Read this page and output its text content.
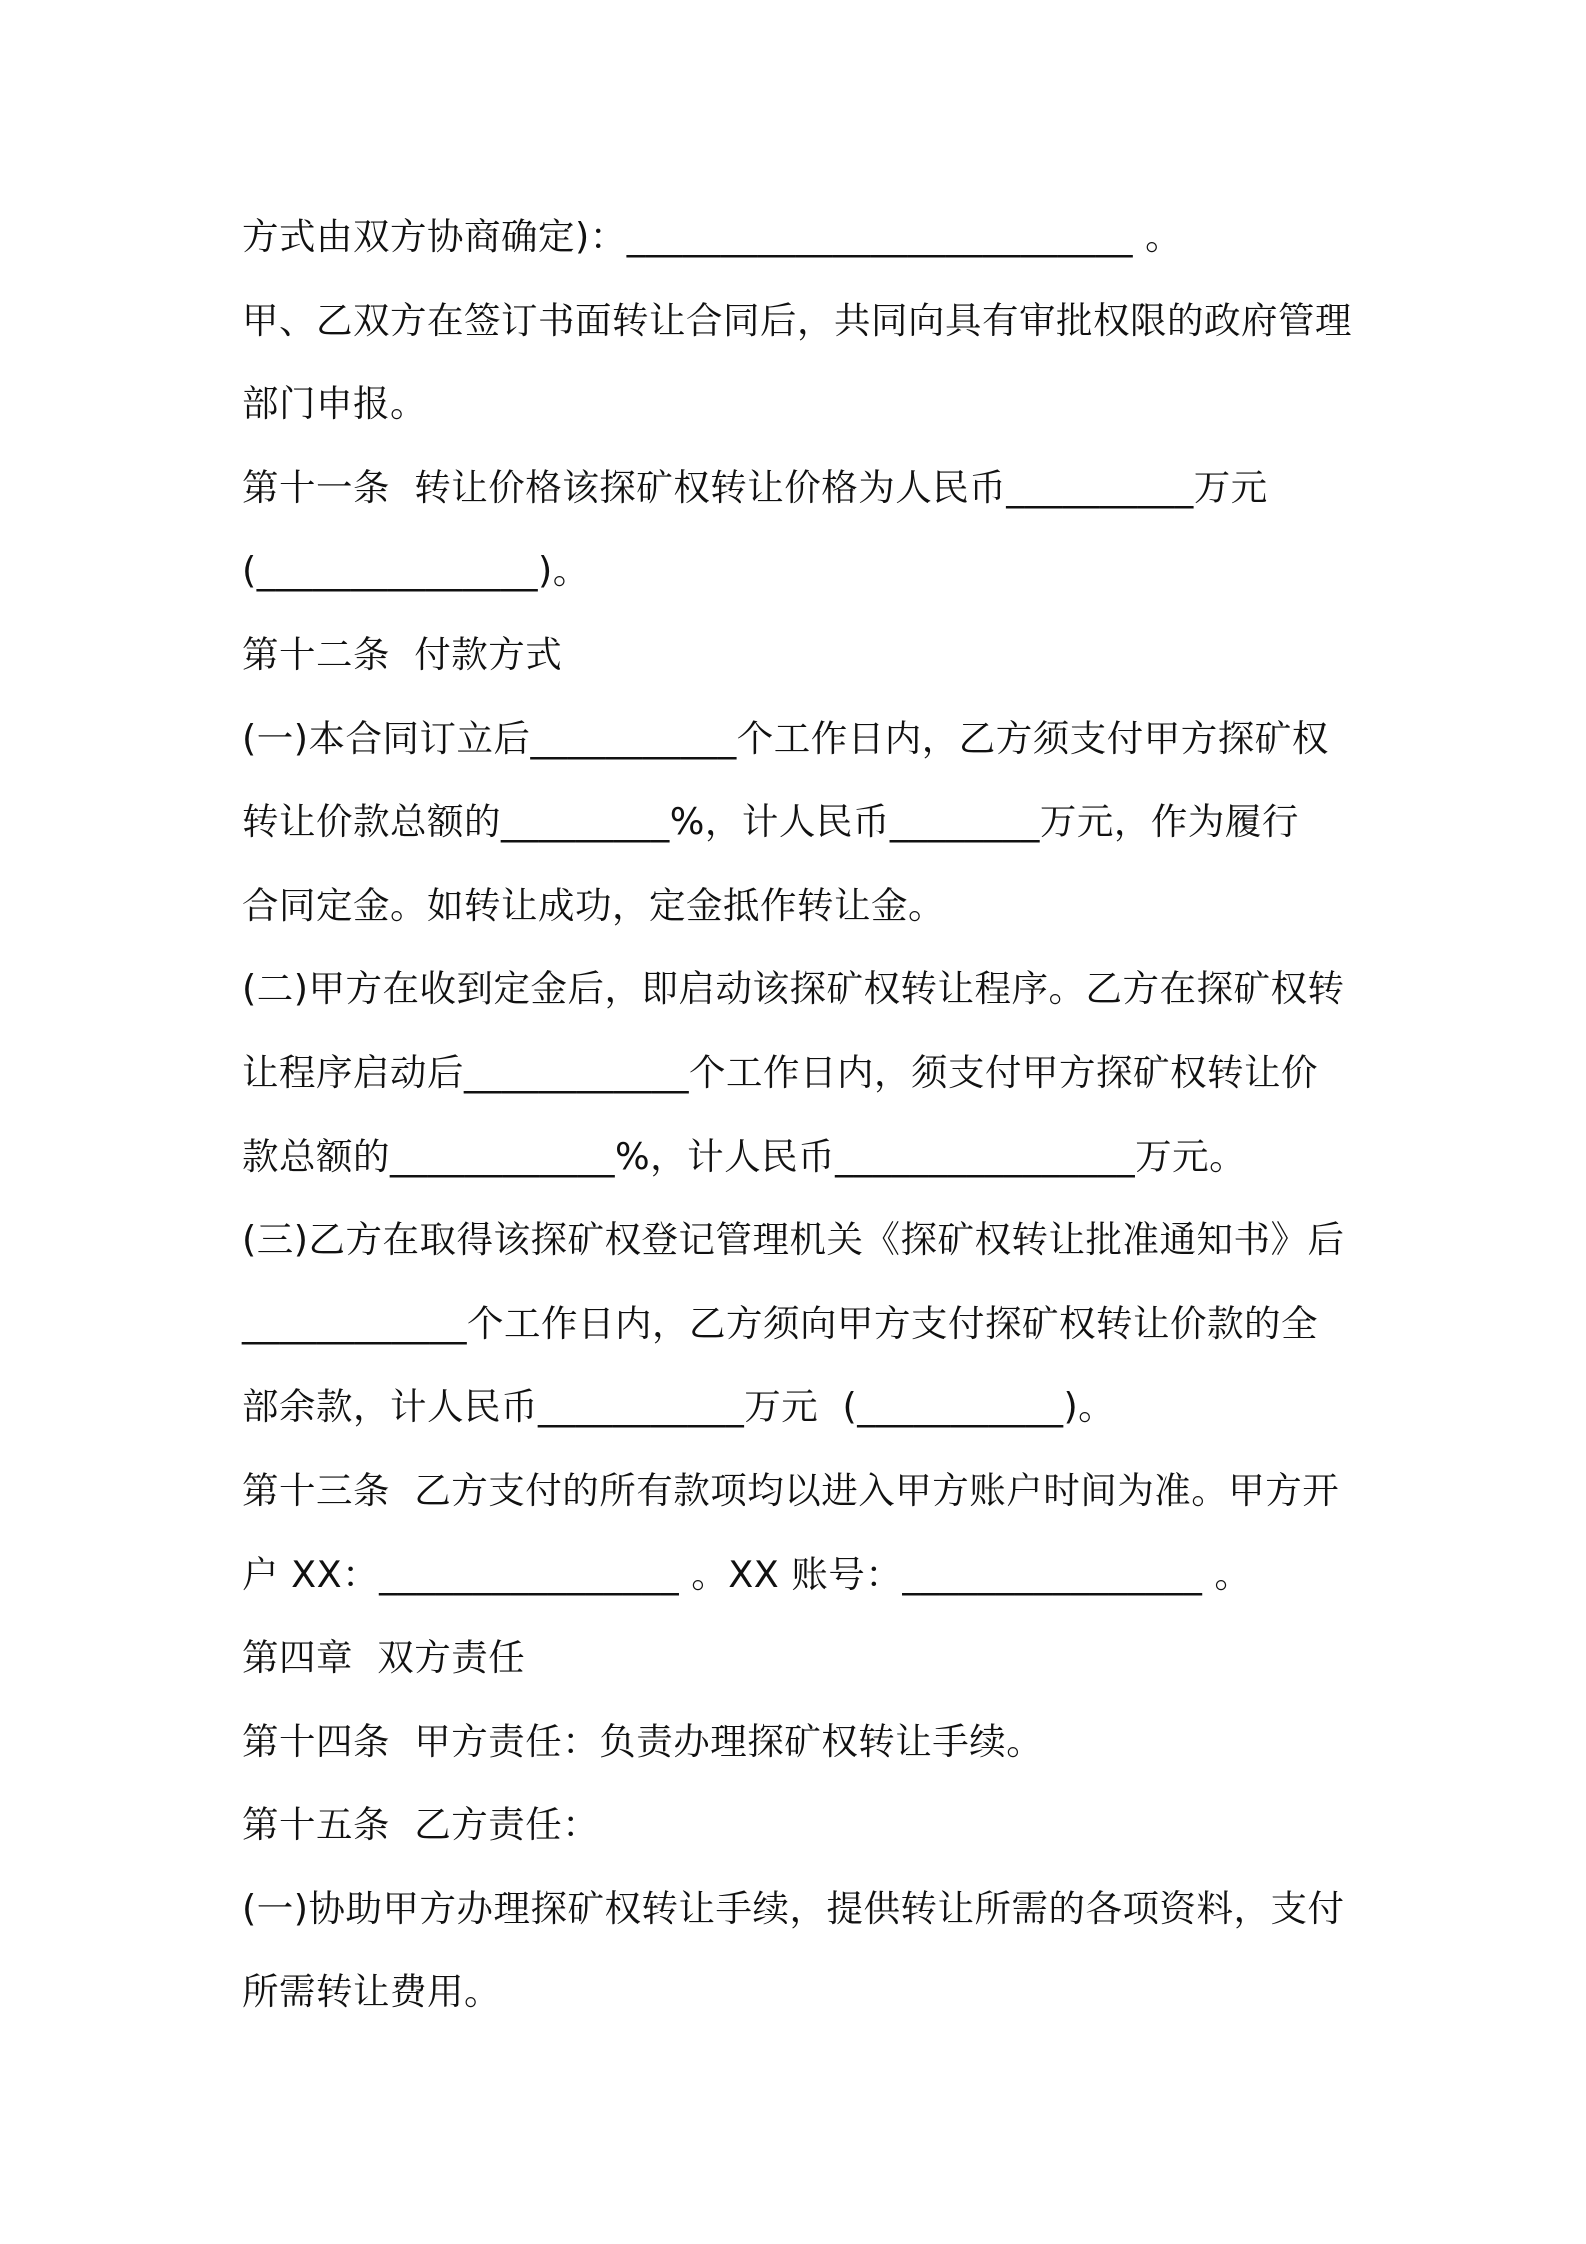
方式由双方协商确定)：___________________________ 。
甲、乙双方在签订书面转让合同后，共同向具有审批权限的政府管理
部门申报。
第十一条  转让价格该探矿权转让价格为人民币__________万元
(_______________)。
第十二条  付款方式
(一)本合同订立后___________个工作日内，乙方须支付甲方探矿权
转让价款总额的_________%，计人民币________万元，作为履行
合同定金。如转让成功，定金抵作转让金。
(二)甲方在收到定金后，即启动该探矿权转让程序。乙方在探矿权转
让程序启动后____________个工作日内，须支付甲方探矿权转让价
款总额的____________%，计人民币________________万元。
(三)乙方在取得该探矿权登记管理机关《探矿权转让批准通知书》后
____________个工作日内，乙方须向甲方支付探矿权转让价款的全
部余款，计人民币___________万元  (___________)。
第十三条  乙方支付的所有款项均以进入甲方账户时间为准。甲方开
户 XX：________________ 。XX 账号：________________ 。
第四章  双方责任
第十四条  甲方责任：负责办理探矿权转让手续。
第十五条  乙方责任：
(一)协助甲方办理探矿权转让手续，提供转让所需的各项资料，支付
所需转让费用。
